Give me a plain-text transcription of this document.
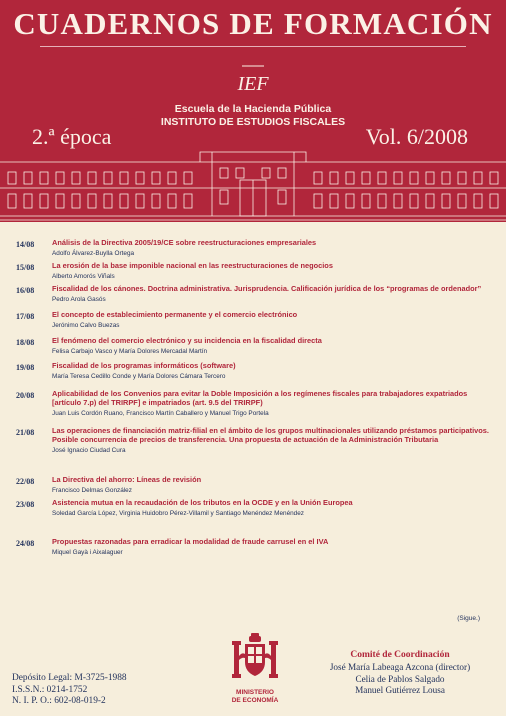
CUADERNOS DE FORMACIÓN
IEF
Escuela de la Hacienda Pública
INSTITUTO DE ESTUDIOS FISCALES
2.ª época	Vol. 6/2008
14/08	Análisis de la Directiva 2005/19/CE sobre reestructuraciones empresariales
Adolfo Álvarez-Buylla Ortega
15/08	La erosión de la base imponible nacional en las reestructuraciones de negocios
Alberto Amorós Viñals
16/08	Fiscalidad de los cánones. Doctrina administrativa. Jurisprudencia. Calificación jurídica de los “programas de ordenador”
Pedro Arola Gasós
17/08	El concepto de establecimiento permanente y el comercio electrónico
Jerónimo Calvo Buezas
18/08	El fenómeno del comercio electrónico y su incidencia en la fiscalidad directa
Felisa Carbajo Vasco y María Dolores Mercadal Martín
19/08	Fiscalidad de los programas informáticos (software)
María Teresa Cedillo Conde y María Dolores Cámara Tercero
20/08	Aplicabilidad de los Convenios para evitar la Doble Imposición a los regímenes fiscales para trabajadores expatriados [artículo 7.p) del TRIRPF] e impatriados (art. 9.5 del TRIRPF)
Juan Luis Cordón Ruano, Francisco Martín Caballero y Manuel Trigo Portela
21/08	Las operaciones de financiación matriz-filial en el ámbito de los grupos multinacionales utilizando préstamos participativos. Posible concurrencia de precios de transferencia. Una propuesta de actuación de la Administración Tributaria
José Ignacio Ciudad Cura
22/08	La Directiva del ahorro: Líneas de revisión
Francisco Delmas González
23/08	Asistencia mutua en la recaudación de los tributos en la OCDE y en la Unión Europea
Soledad García López, Virginia Huidobro Pérez-Villamil y Santiago Menéndez Menéndez
24/08	Propuestas razonadas para erradicar la modalidad de fraude carrusel en el IVA
Miquel Gayà i Aixalaguer
(Sigue.)
Depósito Legal: M-3725-1988
I.S.S.N.: 0214-1752
N. I. P. O.: 602-08-019-2
MINISTERIO
DE ECONOMÍA
Comité de Coordinación
José María Labeaga Azcona (director)
Celia de Pablos Salgado
Manuel Gutiérrez Lousa
